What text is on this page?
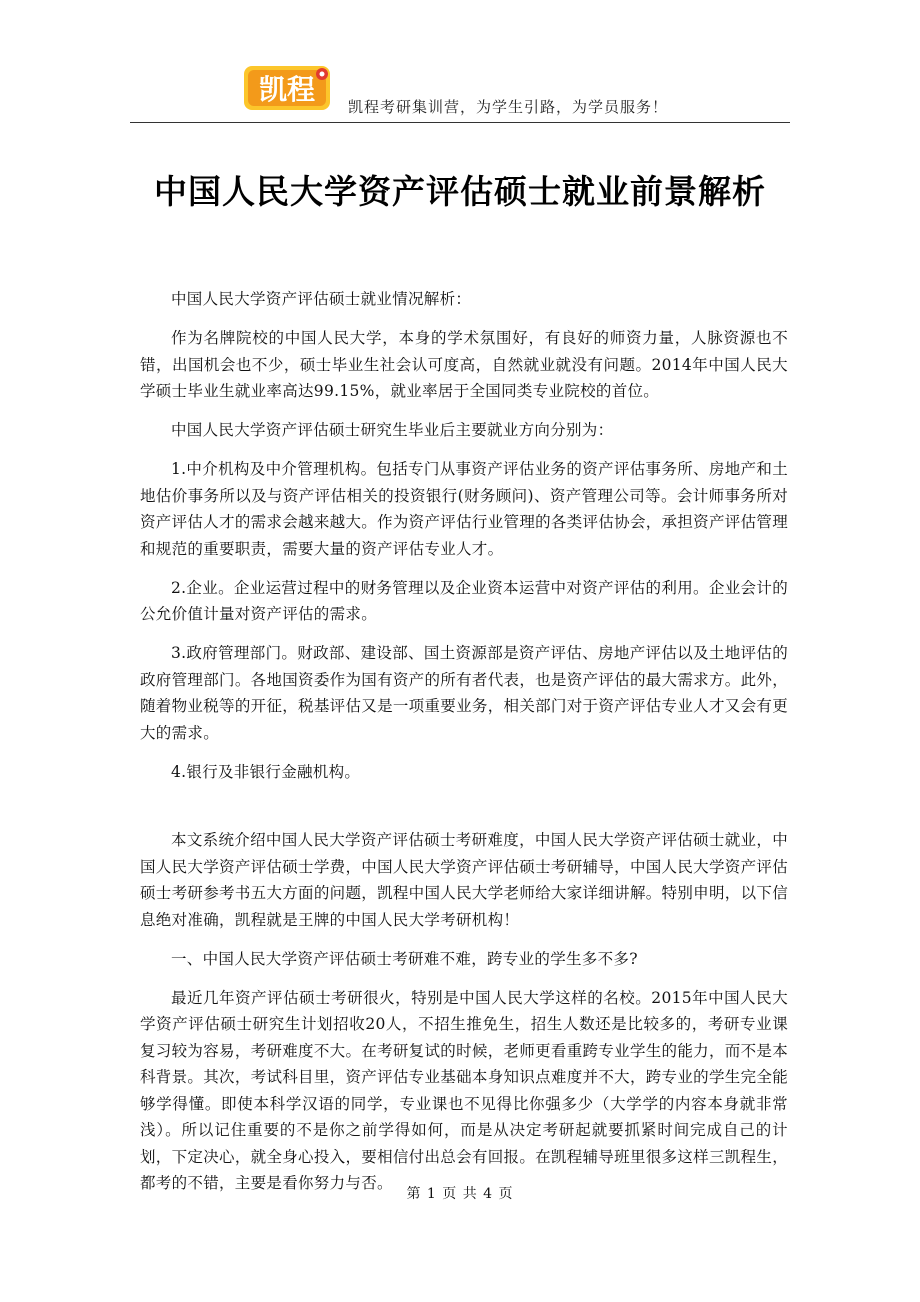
凯程
凯程考研集训营，为学生引路，为学员服务！
中国人民大学资产评估硕士就业前景解析

中国人民大学资产评估硕士就业情况解析：

作为名牌院校的中国人民大学，本身的学术氛围好，有良好的师资力量，人脉资源也不错，出国机会也不少，硕士毕业生社会认可度高，自然就业就没有问题。2014年中国人民大学硕士毕业生就业率高达99.15%，就业率居于全国同类专业院校的首位。

中国人民大学资产评估硕士研究生毕业后主要就业方向分别为：

1.中介机构及中介管理机构。包括专门从事资产评估业务的资产评估事务所、房地产和土地估价事务所以及与资产评估相关的投资银行(财务顾问)、资产管理公司等。会计师事务所对资产评估人才的需求会越来越大。作为资产评估行业管理的各类评估协会，承担资产评估管理和规范的重要职责，需要大量的资产评估专业人才。

2.企业。企业运营过程中的财务管理以及企业资本运营中对资产评估的利用。企业会计的公允价值计量对资产评估的需求。

3.政府管理部门。财政部、建设部、国土资源部是资产评估、房地产评估以及土地评估的政府管理部门。各地国资委作为国有资产的所有者代表，也是资产评估的最大需求方。此外，随着物业税等的开征，税基评估又是一项重要业务，相关部门对于资产评估专业人才又会有更大的需求。

4.银行及非银行金融机构。

本文系统介绍中国人民大学资产评估硕士考研难度，中国人民大学资产评估硕士就业，中国人民大学资产评估硕士学费，中国人民大学资产评估硕士考研辅导，中国人民大学资产评估硕士考研参考书五大方面的问题，凯程中国人民大学老师给大家详细讲解。特别申明，以下信息绝对准确，凯程就是王牌的中国人民大学考研机构！

一、中国人民大学资产评估硕士考研难不难，跨专业的学生多不多?

最近几年资产评估硕士考研很火，特别是中国人民大学这样的名校。2015年中国人民大学资产评估硕士研究生计划招收20人，不招生推免生，招生人数还是比较多的，考研专业课复习较为容易，考研难度不大。在考研复试的时候，老师更看重跨专业学生的能力，而不是本科背景。其次，考试科目里，资产评估专业基础本身知识点难度并不大，跨专业的学生完全能够学得懂。即使本科学汉语的同学，专业课也不见得比你强多少（大学学的内容本身就非常浅）。所以记住重要的不是你之前学得如何，而是从决定考研起就要抓紧时间完成自己的计划，下定决心，就全身心投入，要相信付出总会有回报。在凯程辅导班里很多这样三凯程生，都考的不错，主要是看你努力与否。

第 1 页 共 4 页
